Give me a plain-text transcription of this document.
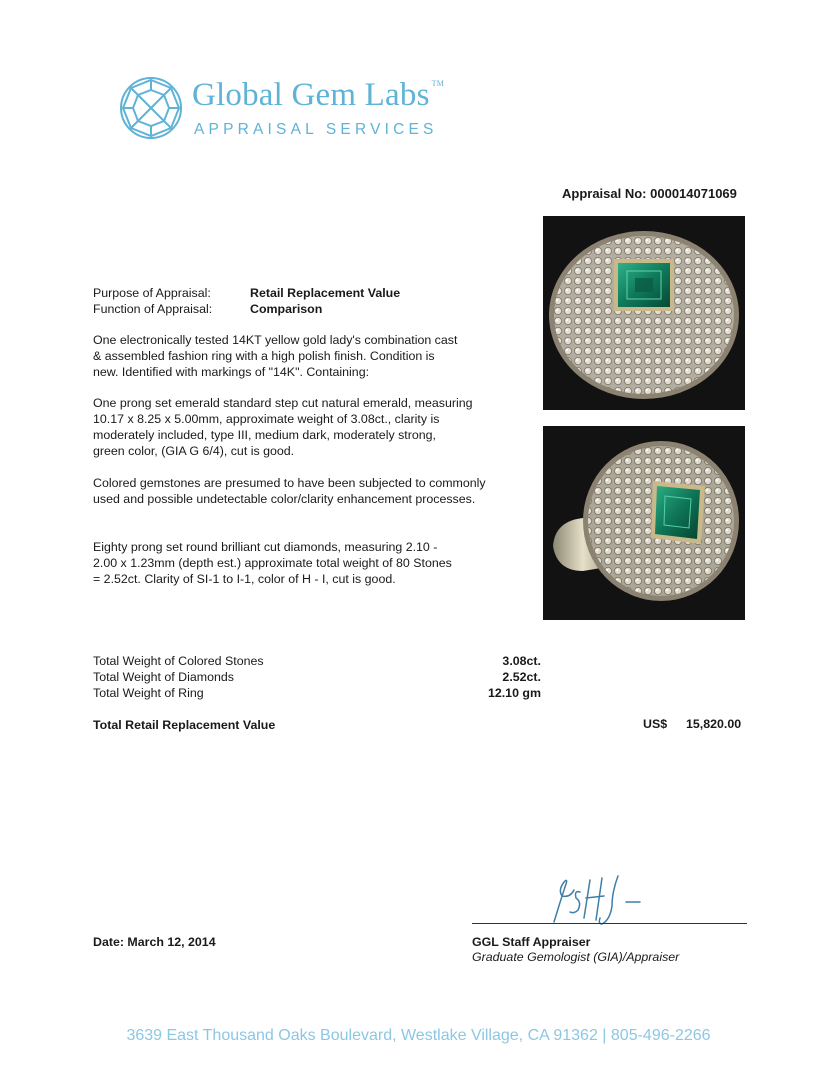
Global Gem Labs ™
APPRAISAL SERVICES
Appraisal No: 000014071069
Purpose of Appraisal:	Retail Replacement Value
Function of Appraisal:	Comparison
One electronically tested 14KT yellow gold lady's combination cast
& assembled fashion ring with a high polish finish. Condition is
new. Identified with markings of "14K". Containing:
One prong set emerald standard step cut natural emerald, measuring
10.17 x 8.25 x 5.00mm, approximate weight of 3.08ct., clarity is
moderately included, type III, medium dark, moderately strong,
green color, (GIA G 6/4), cut is good.
Colored gemstones are presumed to have been subjected to commonly
used and possible undetectable color/clarity enhancement processes.
Eighty prong set round brilliant cut diamonds, measuring 2.10 -
2.00 x 1.23mm (depth est.) approximate total weight of 80 Stones
= 2.52ct. Clarity of SI-1 to I-1, color of H - I, cut is good.
Total Weight of Colored Stones	3.08ct.
Total Weight of Diamonds	2.52ct.
Total Weight of Ring	12.10 gm
Total Retail Replacement Value	US$ 15,820.00
GGL Staff Appraiser
Graduate Gemologist (GIA)/Appraiser
Date: March 12, 2014
3639 East Thousand Oaks Boulevard, Westlake Village, CA 91362 | 805-496-2266
